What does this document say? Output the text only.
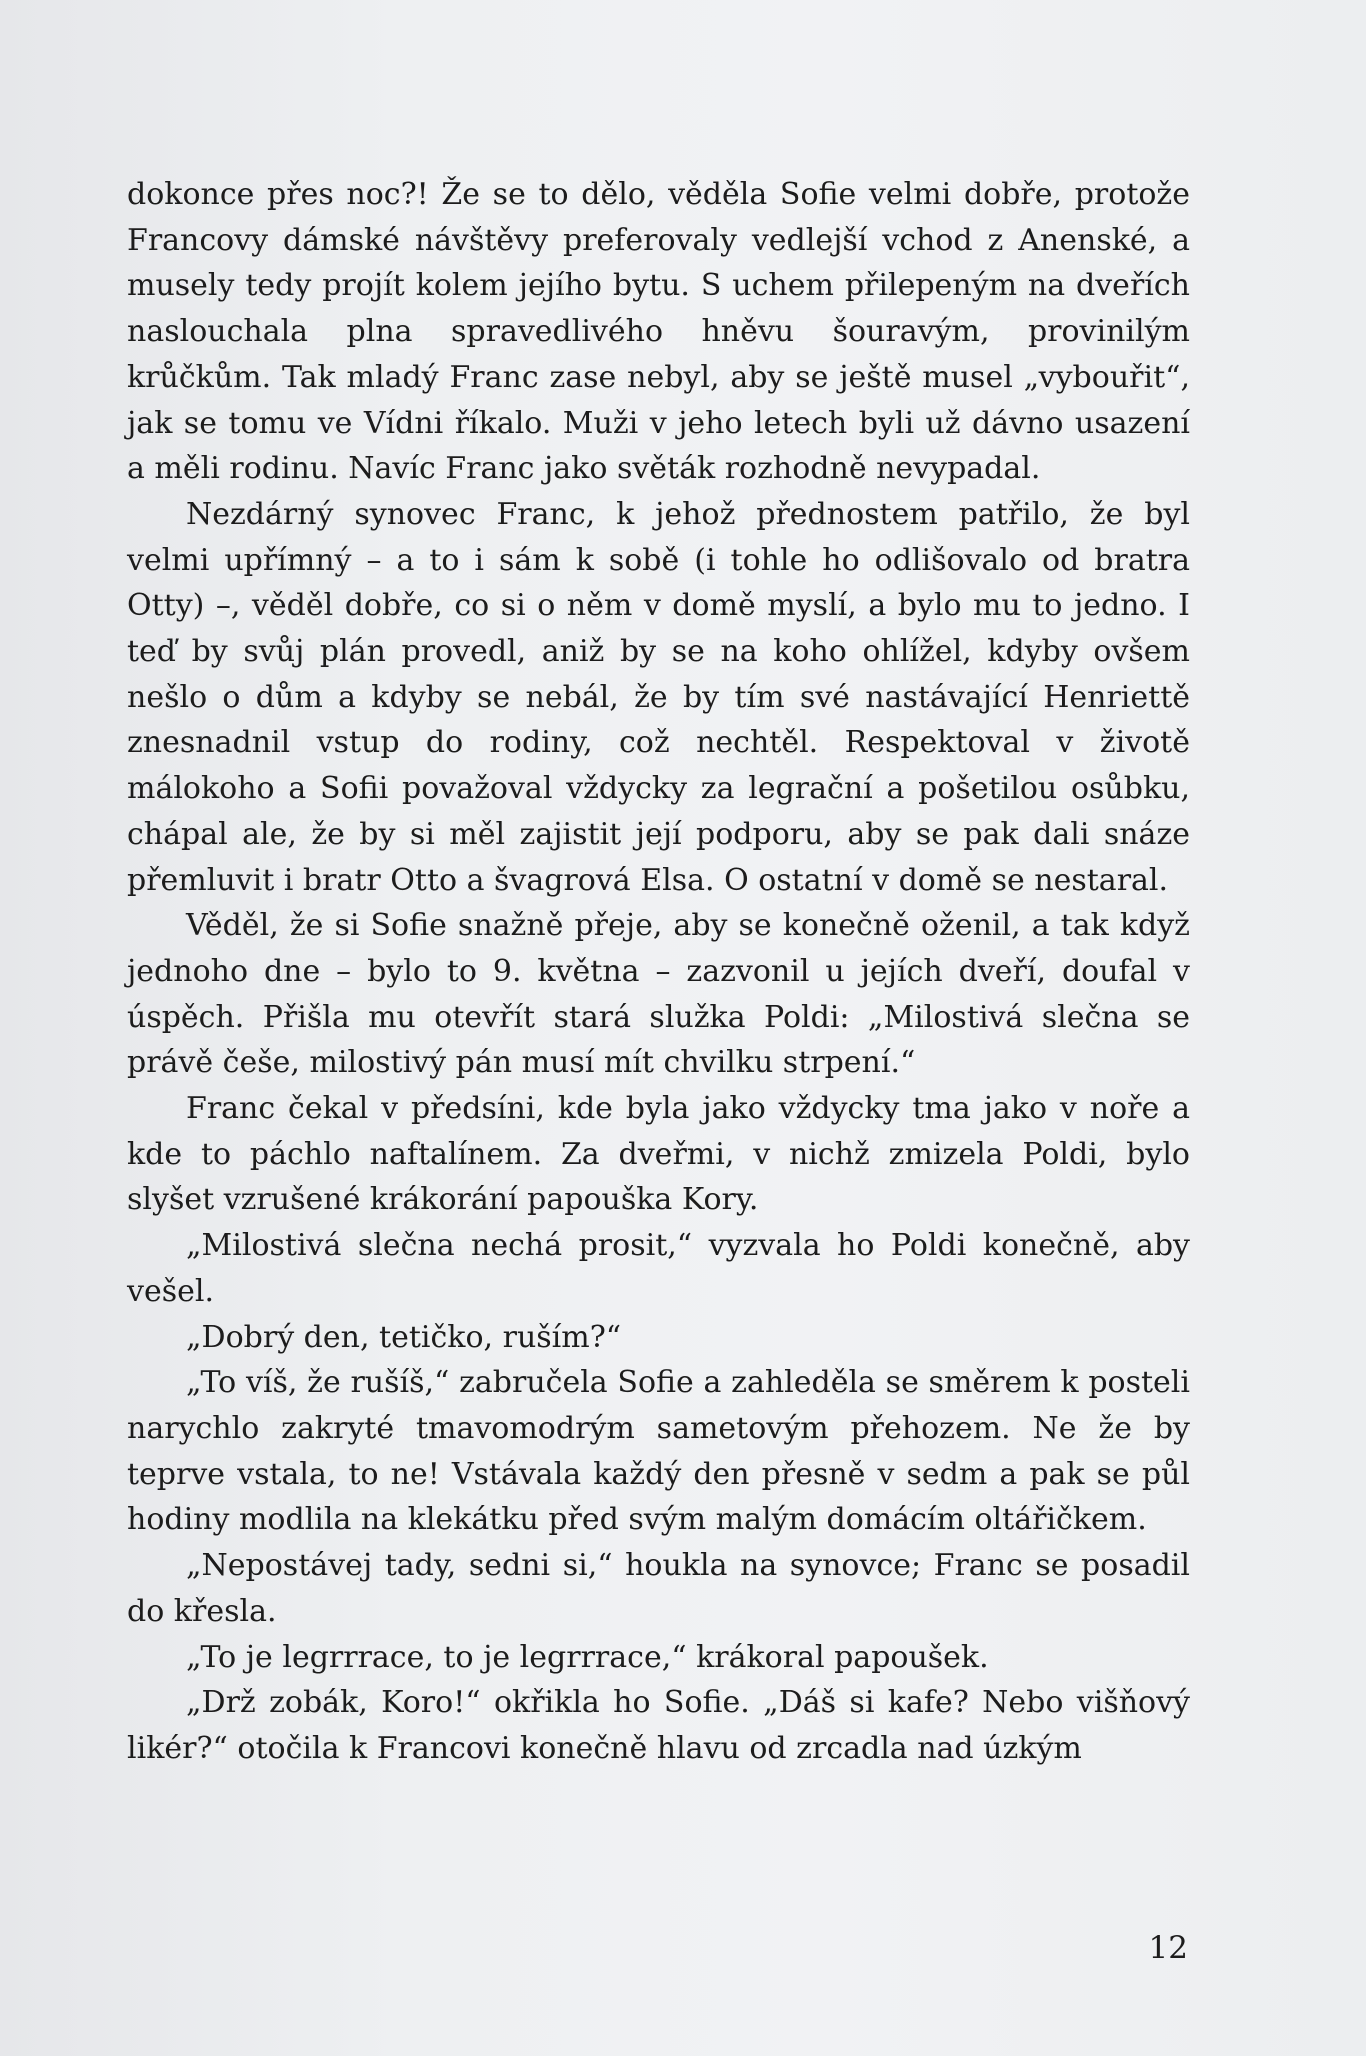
dokonce přes noc?! Že se to dělo, věděla Sofie velmi dobře, protože Francovy dámské návštěvy preferovaly vedlejší vchod z Anenské, a musely tedy projít kolem jejího bytu. S uchem přilepeným na dveřích naslouchala plna spravedlivého hněvu šouravým, provinilým krůčkům. Tak mladý Franc zase nebyl, aby se ještě musel „vybouřit“, jak se tomu ve Vídni říkalo. Muži v jeho letech byli už dávno usazení a měli rodinu. Navíc Franc jako světák rozhodně nevypadal.

Nezdárný synovec Franc, k jehož přednostem patřilo, že byl velmi upřímný – a to i sám k sobě (i tohle ho odlišovalo od bratra Otty) –, věděl dobře, co si o něm v domě myslí, a bylo mu to jedno. I teď by svůj plán provedl, aniž by se na koho ohlížel, kdyby ovšem nešlo o dům a kdyby se nebál, že by tím své nastávající Henriettě znesnadnil vstup do rodiny, což nechtěl. Respektoval v životě málokoho a Sofii považoval vždycky za legrační a pošetilou osůbku, chápal ale, že by si měl zajistit její podporu, aby se pak dali snáze přemluvit i bratr Otto a švagrová Elsa. O ostatní v domě se nestaral.

Věděl, že si Sofie snažně přeje, aby se konečně oženil, a tak když jednoho dne – bylo to 9. května – zazvonil u jejích dveří, doufal v úspěch. Přišla mu otevřít stará služka Poldi: „Milostivá slečna se právě češe, milostivý pán musí mít chvilku strpení.“

Franc čekal v předsíni, kde byla jako vždycky tma jako v noře a kde to páchlo naftalínem. Za dveřmi, v nichž zmizela Poldi, bylo slyšet vzrušené krákorání papouška Kory.

„Milostivá slečna nechá prosit,“ vyzvala ho Poldi konečně, aby vešel.

„Dobrý den, tetičko, ruším?“

„To víš, že rušíš,“ zabručela Sofie a zahleděla se směrem k posteli narychlo zakryté tmavomodrým sametovým přehozem. Ne že by teprve vstala, to ne! Vstávala každý den přesně v sedm a pak se půl hodiny modlila na klekátku před svým malým domácím oltářičkem.

„Nepostávej tady, sedni si,“ houkla na synovce; Franc se posadil do křesla.

„To je legrrrace, to je legrrrace,“ krákoral papoušek.

„Drž zobák, Koro!“ okřikla ho Sofie. „Dáš si kafe? Nebo višňový likér?“ otočila k Francovi konečně hlavu od zrcadla nad úzkým

12
